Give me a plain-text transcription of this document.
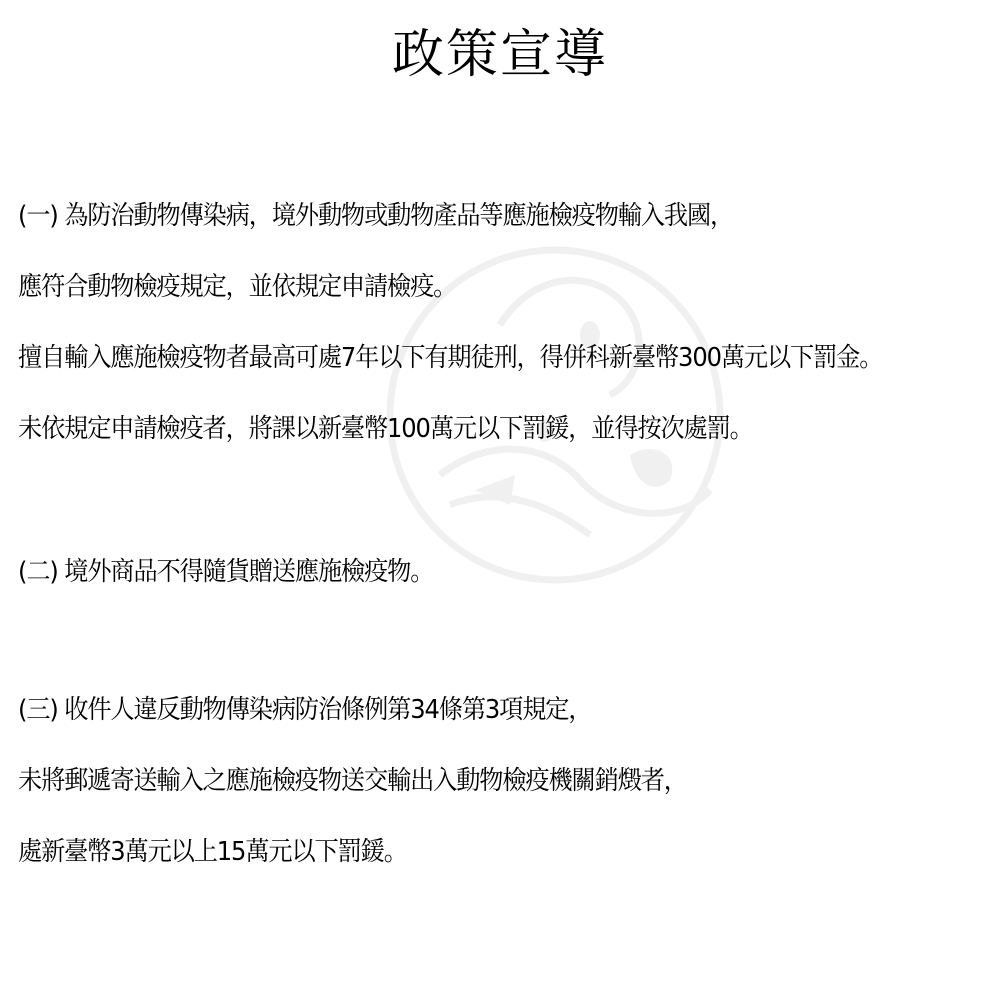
政策宣導
(一) 為防治動物傳染病，境外動物或動物產品等應施檢疫物輸入我國，
應符合動物檢疫規定，並依規定申請檢疫。
擅自輸入應施檢疫物者最高可處7年以下有期徒刑，得併科新臺幣300萬元以下罰金。
未依規定申請檢疫者，將課以新臺幣100萬元以下罰鍰，並得按次處罰。
(二) 境外商品不得隨貨贈送應施檢疫物。
(三) 收件人違反動物傳染病防治條例第34條第3項規定，
未將郵遞寄送輸入之應施檢疫物送交輸出入動物檢疫機關銷燬者，
處新臺幣3萬元以上15萬元以下罰鍰。
